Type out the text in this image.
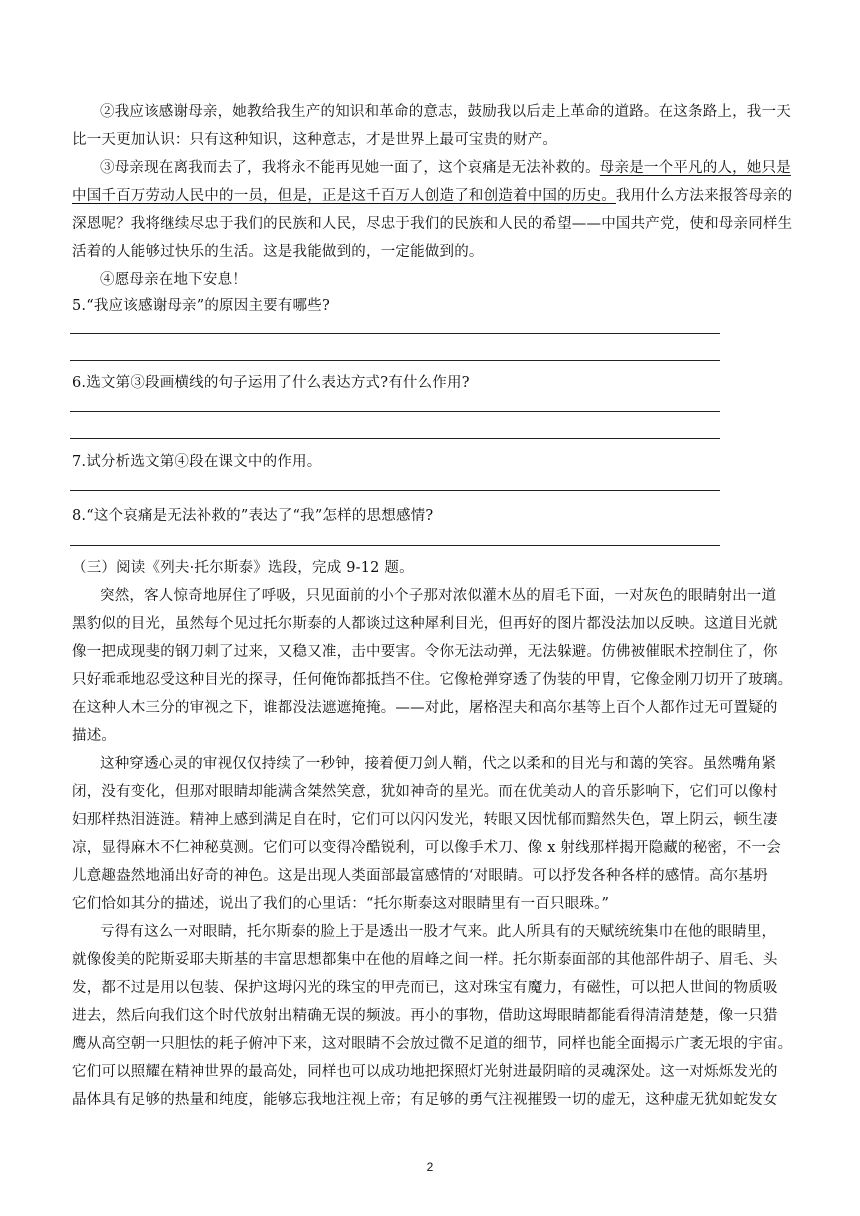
②我应该感谢母亲，她教给我生产的知识和革命的意志，鼓励我以后走上革命的道路。在这条路上，我一天
比一天更加认识：只有这种知识，这种意志，才是世界上最可宝贵的财产。
③母亲现在离我而去了，我将永不能再见她一面了，这个哀痛是无法补救的。母亲是一个平凡的人，她只是
中国千百万劳动人民中的一员，但是，正是这千百万人创造了和创造着中国的历史。我用什么方法来报答母亲的
深恩呢？我将继续尽忠于我们的民族和人民，尽忠于我们的民族和人民的希望——中国共产党，使和母亲同样生
活着的人能够过快乐的生活。这是我能做到的，一定能做到的。
④愿母亲在地下安息！
5.“我应该感谢母亲”的原因主要有哪些?
6.选文第③段画横线的句子运用了什么表达方式?有什么作用?
7.试分析选文第④段在课文中的作用。
8.“这个哀痛是无法补救的”表达了“我”怎样的思想感情?
（三）阅读《列夫·托尔斯泰》选段，完成 9-12 题。
突然，客人惊奇地屏住了呼吸，只见面前的小个子那对浓似灌木丛的眉毛下面，一对灰色的眼睛射出一道
黑豹似的目光，虽然每个见过托尔斯泰的人都谈过这种犀利目光，但再好的图片都没法加以反映。这道目光就
像一把成现斐的钢刀刺了过来，又稳又准，击中要害。令你无法动弹，无法躲避。仿佛被催眠术控制住了，你
只好乖乖地忍受这种目光的探寻，任何俺饰都抵挡不住。它像枪弹穿透了伪装的甲胄，它像金刚刀切开了玻璃。
在这种人木三分的审视之下，谁都没法遮遮掩掩。——对此，屠格涅夫和高尔基等上百个人都作过无可置疑的
描述。
这种穿透心灵的审视仅仅持续了一秒钟，接着便刀剑人鞘，代之以柔和的目光与和蔼的笑容。虽然嘴角紧
闭，没有变化，但那对眼睛却能满含桀然笑意，犹如神奇的星光。而在优美动人的音乐影响下，它们可以像村
妇那样热泪涟涟。精神上感到满足自在时，它们可以闪闪发光，转眼又因忧郁而黯然失色，罩上阴云，顿生凄
凉，显得麻木不仁神秘莫测。它们可以变得冷酷锐利，可以像手术刀、像 x 射线那样揭开隐藏的秘密，不一会
儿意趣盎然地涌出好奇的神色。这是出现人类面部最富感情的‘对眼睛。可以抒发各种各样的感情。高尔基坍
它们恰如其分的描述，说出了我们的心里话：“托尔斯泰这对眼睛里有一百只眼珠。”
亏得有这么一对眼睛，托尔斯泰的脸上于是透出一股才气来。此人所具有的天赋统统集巾在他的眼睛里，
就像俊美的陀斯妥耶夫斯基的丰富思想都集中在他的眉峰之间一样。托尔斯泰面部的其他部件胡子、眉毛、头
发，都不过是用以包装、保护这坶闪光的珠宝的甲壳而已，这对珠宝有魔力，有磁性，可以把人世间的物质吸
进去，然后向我们这个时代放射出精确无误的频波。再小的事物，借助这坶眼睛都能看得清清楚楚，像一只猎
鹰从高空朝一只胆怯的耗子俯冲下来，这对眼睛不会放过微不足道的细节，同样也能全面揭示广袤无垠的宇宙。
它们可以照耀在精神世界的最高处，同样也可以成功地把探照灯光射进最阴暗的灵魂深处。这一对烁烁发光的
晶体具有足够的热量和纯度，能够忘我地注视上帝；有足够的勇气注视摧毁一切的虚无，这种虚无犹如蛇发女
2
